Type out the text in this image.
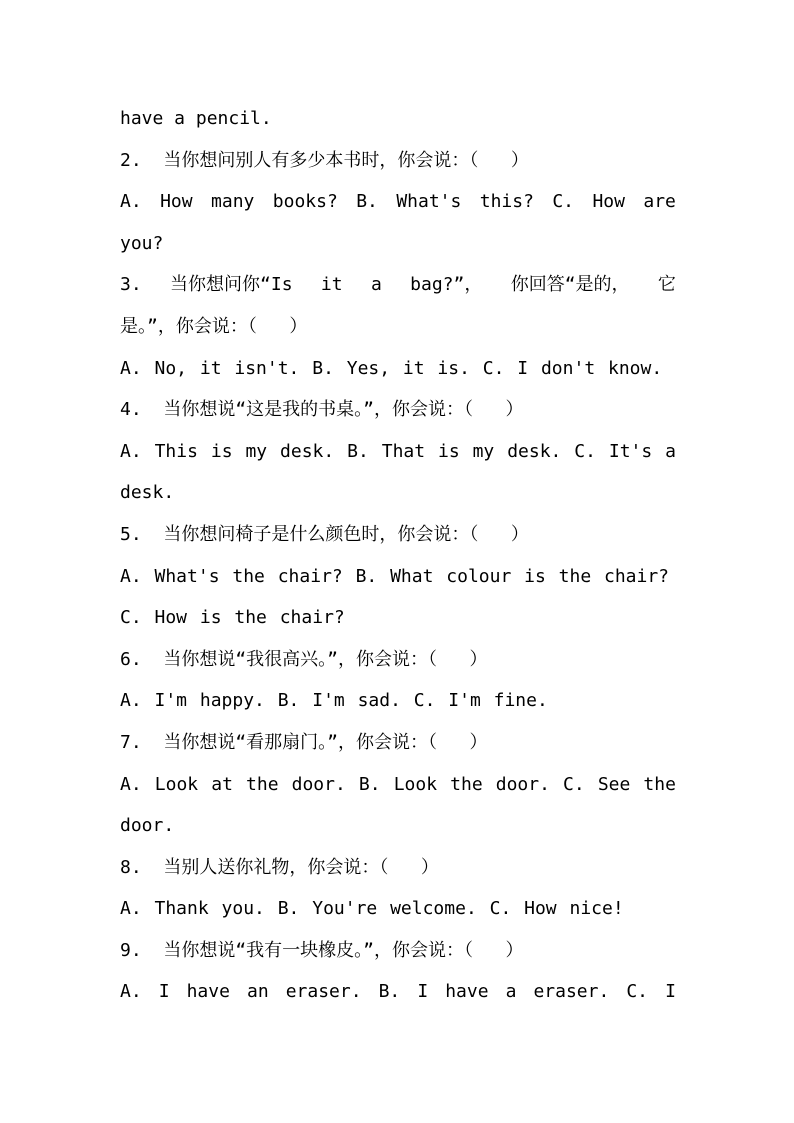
have a pencil.
2.  当你想问别人有多少本书时，你会说：（   ）
A. How many books? B. What's this? C. How are
you?
3. 当你想问你“Is it a bag?”， 你回答“是的， 它
是。”，你会说：（   ）
A. No, it isn't. B. Yes, it is. C. I don't know.
4.  当你想说“这是我的书桌。”，你会说：（   ）
A. This is my desk. B. That is my desk. C. It's a
desk.
5.  当你想问椅子是什么颜色时，你会说：（   ）
A. What's the chair? B. What colour is the chair?
C. How is the chair?
6.  当你想说“我很高兴。”，你会说：（   ）
A. I'm happy. B. I'm sad. C. I'm fine.
7.  当你想说“看那扇门。”，你会说：（   ）
A. Look at the door. B. Look the door. C. See the
door.
8.  当别人送你礼物，你会说：（   ）
A. Thank you. B. You're welcome. C. How nice!
9.  当你想说“我有一块橡皮。”，你会说：（   ）
A. I have an eraser. B. I have a eraser. C. I
